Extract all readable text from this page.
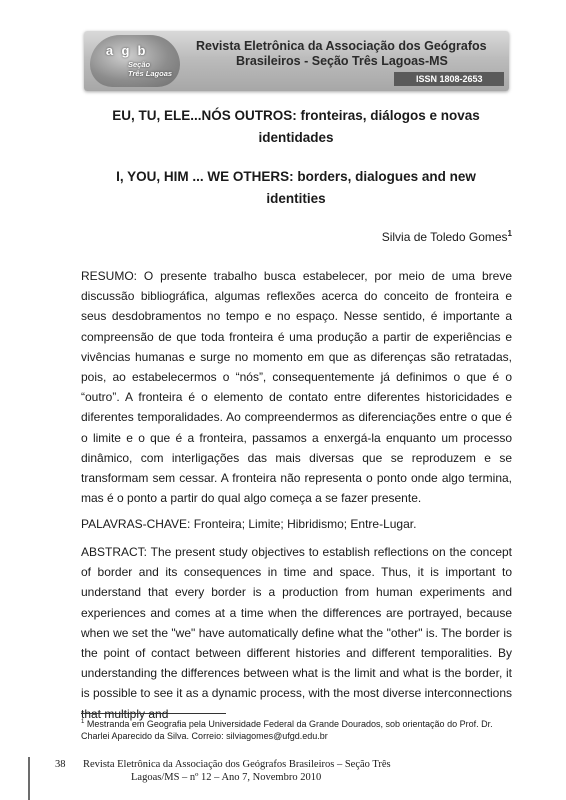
a g b
Seção
Três Lagoas
Revista Eletrônica da Associação dos Geógrafos
Brasileiros - Seção Três Lagoas-MS
ISSN 1808-2653
EU, TU, ELE...NÓS OUTROS: fronteiras, diálogos e novas identidades
I, YOU, HIM ... WE OTHERS: borders, dialogues and new identities
Silvia de Toledo Gomes$^1$

RESUMO: O presente trabalho busca estabelecer, por meio de uma breve discussão bibliográfica, algumas reflexões acerca do conceito de fronteira e seus desdobramentos no tempo e no espaço. Nesse sentido, é importante a compreensão de que toda fronteira é uma produção a partir de experiências e vivências humanas e surge no momento em que as diferenças são retratadas, pois, ao estabelecermos o “nós”, consequentemente já definimos o que é o “outro”. A fronteira é o elemento de contato entre diferentes historicidades e diferentes temporalidades. Ao compreendermos as diferenciações entre o que é o limite e o que é a fronteira, passamos a enxergá-la enquanto um processo dinâmico, com interligações das mais diversas que se reproduzem e se transformam sem cessar. A fronteira não representa o ponto onde algo termina, mas é o ponto a partir do qual algo começa a se fazer presente.

PALAVRAS-CHAVE: Fronteira; Limite; Hibridismo; Entre-Lugar.

ABSTRACT: The present study objectives to establish reflections on the concept of border and its consequences in time and space. Thus, it is important to understand that every border is a production from human experiments and experiences and comes at a time when the differences are portrayed, because when we set the "we" have automatically define what the "other" is. The border is the point of contact between different histories and different temporalities. By understanding the differences between what is the limit and what is the border, it is possible to see it as a dynamic process, with the most diverse interconnections that multiply and

$^1$ Mestranda em Geografia pela Universidade Federal da Grande Dourados, sob orientação do Prof. Dr. Charlei Aparecido da Silva. Correio: silviagomes@ufgd.edu.br
38 Revista Eletrônica da Associação dos Geógrafos Brasileiros – Seção Três
Lagoas/MS – nº 12 – Ano 7, Novembro 2010
